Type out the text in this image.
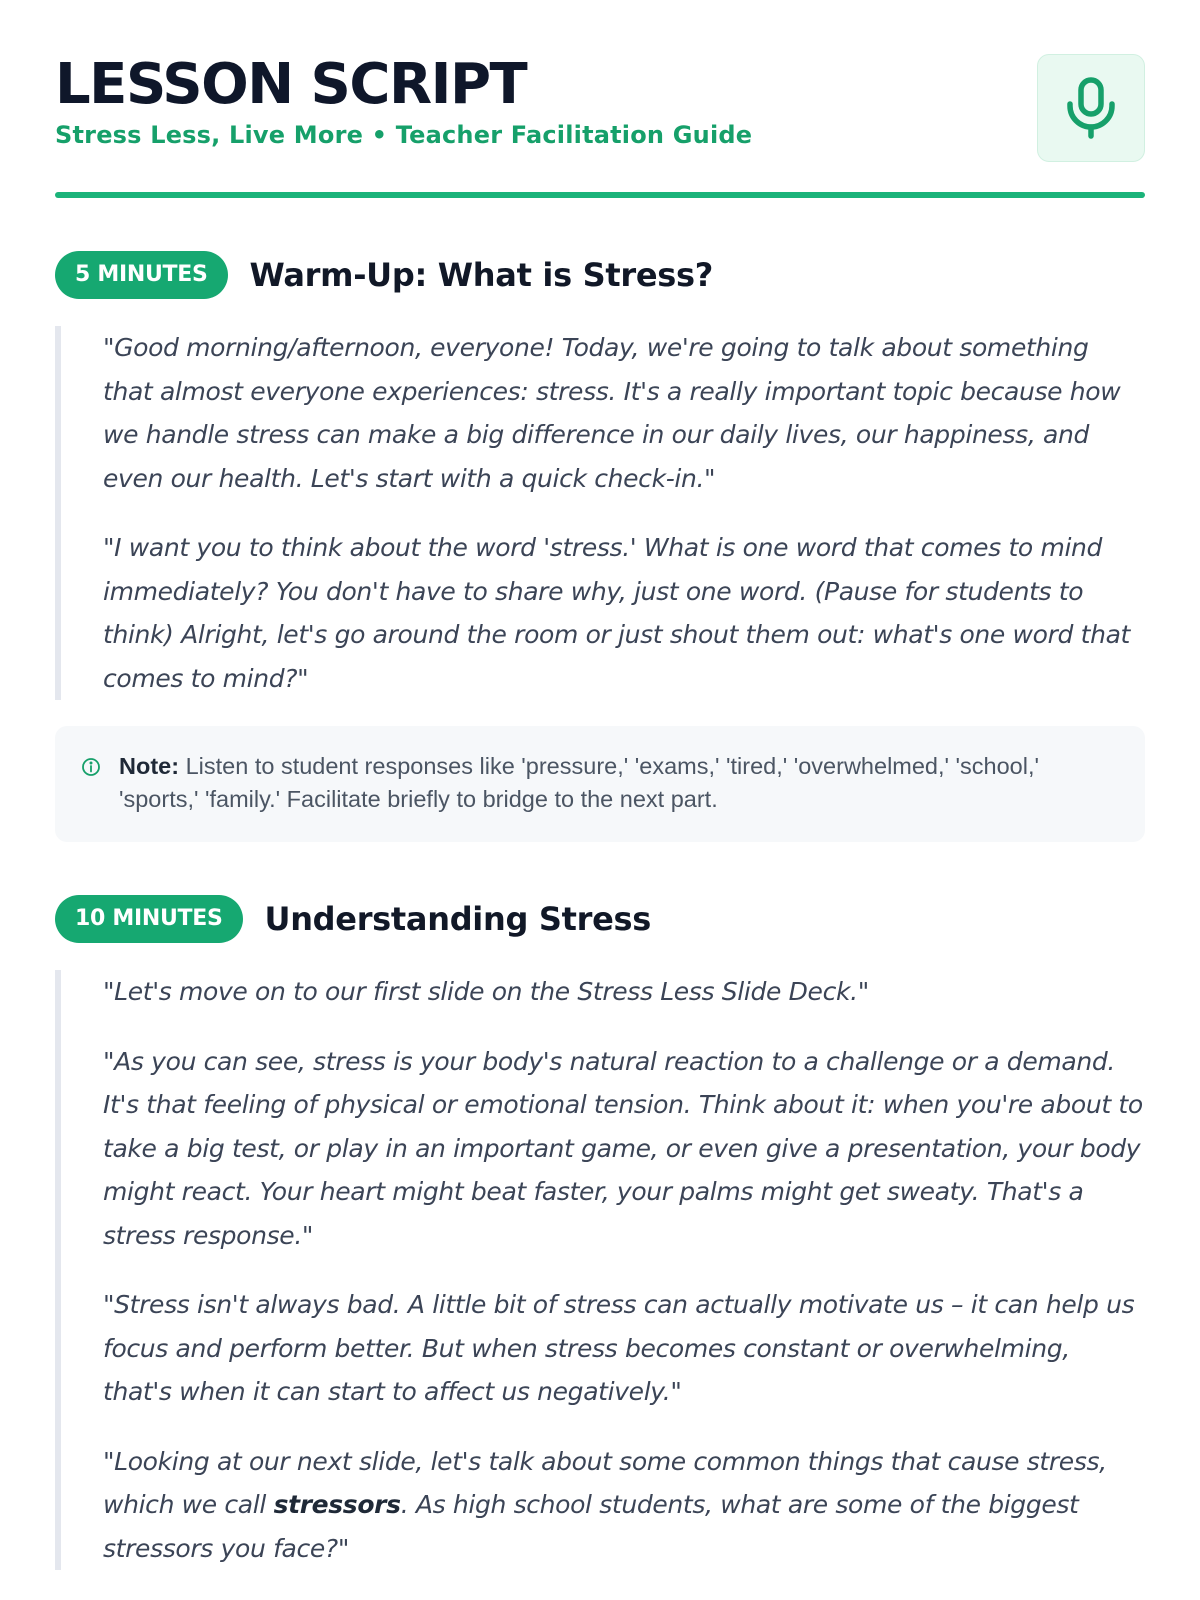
LESSON SCRIPT
Stress Less, Live More • Teacher Facilitation Guide
5 MINUTES	Warm-Up: What is Stress?

"Good morning/afternoon, everyone! Today, we're going to talk about something that almost everyone experiences: stress. It's a really important topic because how we handle stress can make a big difference in our daily lives, our happiness, and even our health. Let's start with a quick check-in."

"I want you to think about the word 'stress.' What is one word that comes to mind immediately? You don't have to share why, just one word. (Pause for students to think) Alright, let's go around the room or just shout them out: what's one word that comes to mind?"

Note: Listen to student responses like 'pressure,' 'exams,' 'tired,' 'overwhelmed,' 'school,' 'sports,' 'family.' Facilitate briefly to bridge to the next part.
10 MINUTES	Understanding Stress

"Let's move on to our first slide on the Stress Less Slide Deck."

"As you can see, stress is your body's natural reaction to a challenge or a demand. It's that feeling of physical or emotional tension. Think about it: when you're about to take a big test, or play in an important game, or even give a presentation, your body might react. Your heart might beat faster, your palms might get sweaty. That's a stress response."

"Stress isn't always bad. A little bit of stress can actually motivate us – it can help us focus and perform better. But when stress becomes constant or overwhelming, that's when it can start to affect us negatively."

"Looking at our next slide, let's talk about some common things that cause stress, which we call stressors. As high school students, what are some of the biggest stressors you face?"
